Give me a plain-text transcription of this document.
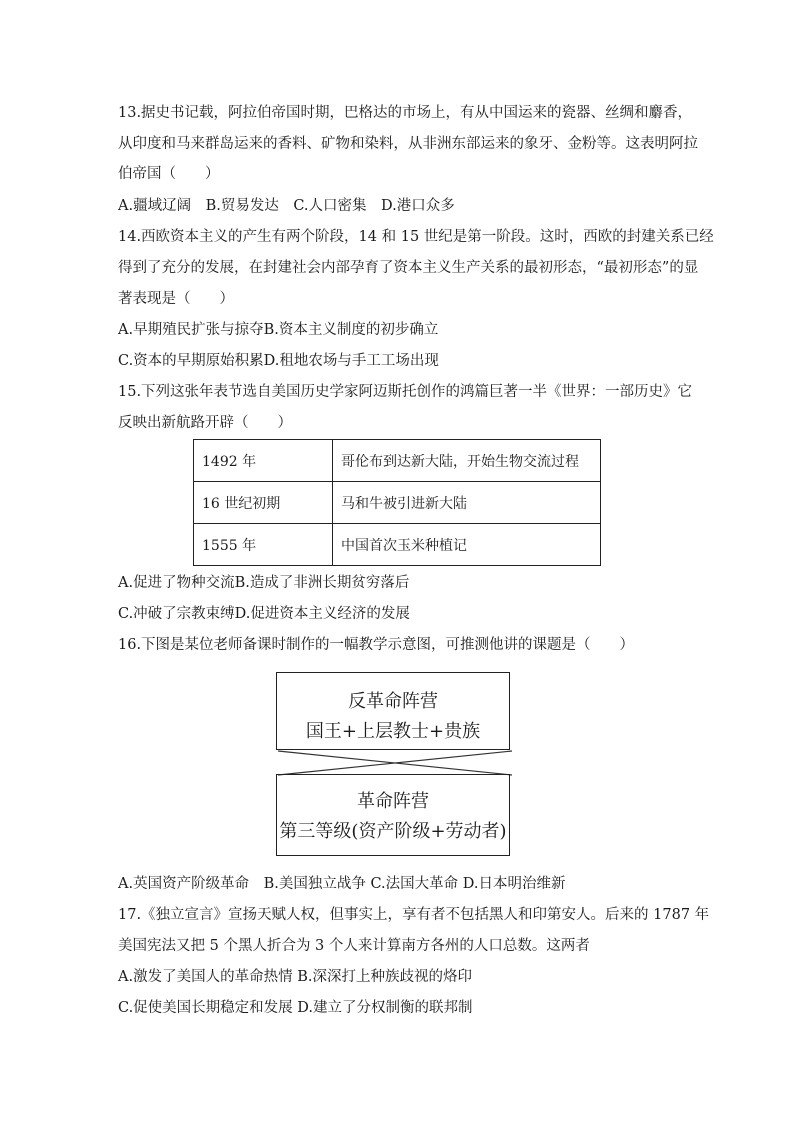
13.据史书记载，阿拉伯帝国时期，巴格达的市场上，有从中国运来的瓷器、丝绸和麝香，
从印度和马来群岛运来的香料、矿物和染料，从非洲东部运来的象牙、金粉等。这表明阿拉
伯帝国（　　）
A.疆域辽阔　B.贸易发达　C.人口密集　D.港口众多
14.西欧资本主义的产生有两个阶段，14 和 15 世纪是第一阶段。这时，西欧的封建关系已经
得到了充分的发展，在封建社会内部孕育了资本主义生产关系的最初形态，“最初形态”的显
著表现是（　　）
A.早期殖民扩张与掠夺B.资本主义制度的初步确立
C.资本的早期原始积累D.租地农场与手工工场出现
15.下列这张年表节选自美国历史学家阿迈斯托创作的鸿篇巨著一半《世界：一部历史》它
反映出新航路开辟（　　）
1492 年	哥伦布到达新大陆，开始生物交流过程
16 世纪初期	马和牛被引进新大陆
1555 年	中国首次玉米种植记
A.促进了物种交流B.造成了非洲长期贫穷落后
C.冲破了宗教束缚D.促进资本主义经济的发展
16.下图是某位老师备课时制作的一幅教学示意图，可推测他讲的课题是（　　）
反革命阵营
国王+上层教士+贵族
革命阵营
第三等级(资产阶级+劳动者)
A.英国资产阶级革命　B.美国独立战争 C.法国大革命 D.日本明治维新
17.《独立宣言》宣扬天赋人权，但事实上，享有者不包括黑人和印第安人。后来的 1787 年
美国宪法又把 5 个黑人折合为 3 个人来计算南方各州的人口总数。这两者
A.激发了美国人的革命热情 B.深深打上种族歧视的烙印
C.促使美国长期稳定和发展 D.建立了分权制衡的联邦制
